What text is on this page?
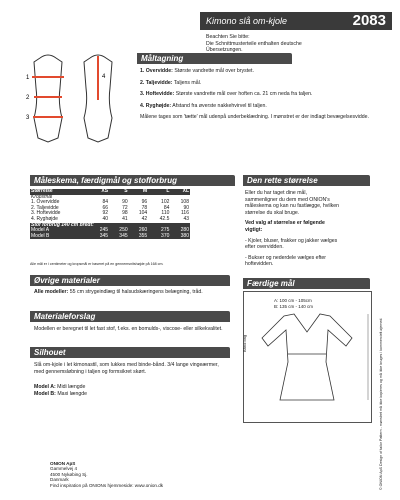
Kimono slå om-kjole	2083
Beachten Sie bitte:
Die Schnittmusterteile enthalten deutsche
Übersetzungen.
1
2
3
4
Måltagning
1. Overvidde: Største vandrette mål over brystet.
2. Taljevidde: Taljens mål.
3. Hoftevidde: Største vandrette mål over hoften ca. 21 cm neda fra taljen.
4. Ryghøjde: Afstand fra øverste nakkehvirvel til taljen.
Målene tages som 'tætte' mål udenpå underbeklædning. I mønstret er der indlagt bevægelsesvidde.
Måleskema, færdigmål og stofforbrug
Størrelse	XS	S	M	L	XL
Kropsmål					
1. Overvidde	84	90	96	102	108
2. Taljevidde	66	72	78	84	90
3. Hoftevidde	92	98	104	110	116
4. Ryghøjde	40	41	42	42.5	43
Stof forbrug 140 cm bredt:					
Model A	245	250	260	275	280
Model B	345	345	355	370	380
Alle mål er i centimeter og kropsmål er baseret på en gennemsnitshøjde på 168 cm.
Øvrige materialer
Alle modeller: 55 cm strygeindlæg til halsudskæringens belægning, tråd.
Materialeforslag
Modellen er beregnet til let fast stof, f.eks. en bomulds-, viscose- eller silkekvalitet.
Silhouet
Slå om-kjole i let kimonastil, som lukkes med binde-bånd. 3/4 lange vingeærmer, med gennemsløbning i taljen og formsikret skørt.
Model A: Midi længde
Model B: Maxi længde
Den rette størrelse
Eller du har taget dine mål, sammenligner du dem med ONION's måleskema og kan nu fastlægge, hvilken størrelse du skal bruge.
Ved valg af størrelse er følgende vigtigt:
- Kjoler, bluser, frakker og jakker vælges efter overvidden.
- Bukser og nederdele vælges efter hoftevidden.
Færdige mål
A: 100 cm - 105cm
B: 135 cm - 140 cm
Bånd bag
ONION ApS
Gammelvej 4
4500 Nykøbing Sj.
Danmark
Find inspiration på ONIONs hjemmeside: www.onion.dk	© ONION ApS Design of tailor Pattern - mønstret må ikke kopieres og må ikke bruges i kommercielt øjemed.
